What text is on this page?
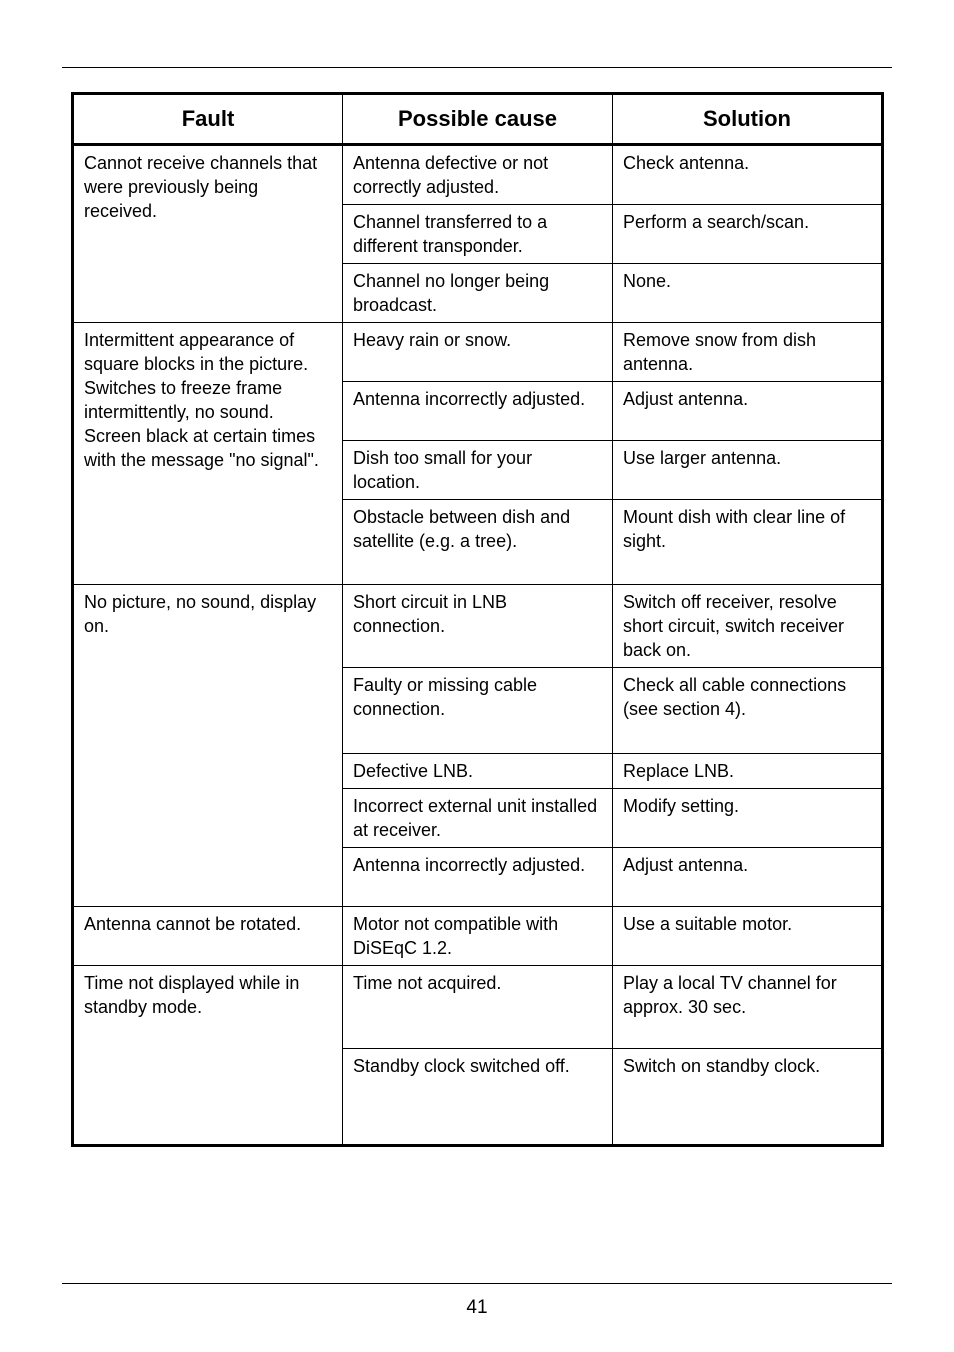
Fault	Possible cause	Solution
Cannot receive channels that were previously being received.	Antenna defective or not correctly adjusted.	Check antenna.
	Channel transferred to a different transponder.	Perform a search/scan.
	Channel no longer being broadcast.	None.
Intermittent appearance of square blocks in the picture. Switches to freeze frame intermittently, no sound. Screen black at certain times with the message "no signal".	Heavy rain or snow.	Remove snow from dish antenna.
	Antenna incorrectly adjusted.	Adjust antenna.
	Dish too small for your location.	Use larger antenna.
	Obstacle between dish and satellite (e.g. a tree).	Mount dish with clear line of sight.
No picture, no sound, display on.	Short circuit in LNB connection.	Switch off receiver, resolve short circuit, switch receiver back on.
	Faulty or missing cable connection.	Check all cable connections (see section 4).
	Defective LNB.	Replace LNB.
	Incorrect external unit installed at receiver.	Modify setting.
	Antenna incorrectly adjusted.	Adjust antenna.
Antenna cannot be rotated.	Motor not compatible with DiSEqC 1.2.	Use a suitable motor.
Time not displayed while in standby mode.	Time not acquired.	Play a local TV channel for approx. 30 sec.
	Standby clock switched off.	Switch on standby clock.
41
